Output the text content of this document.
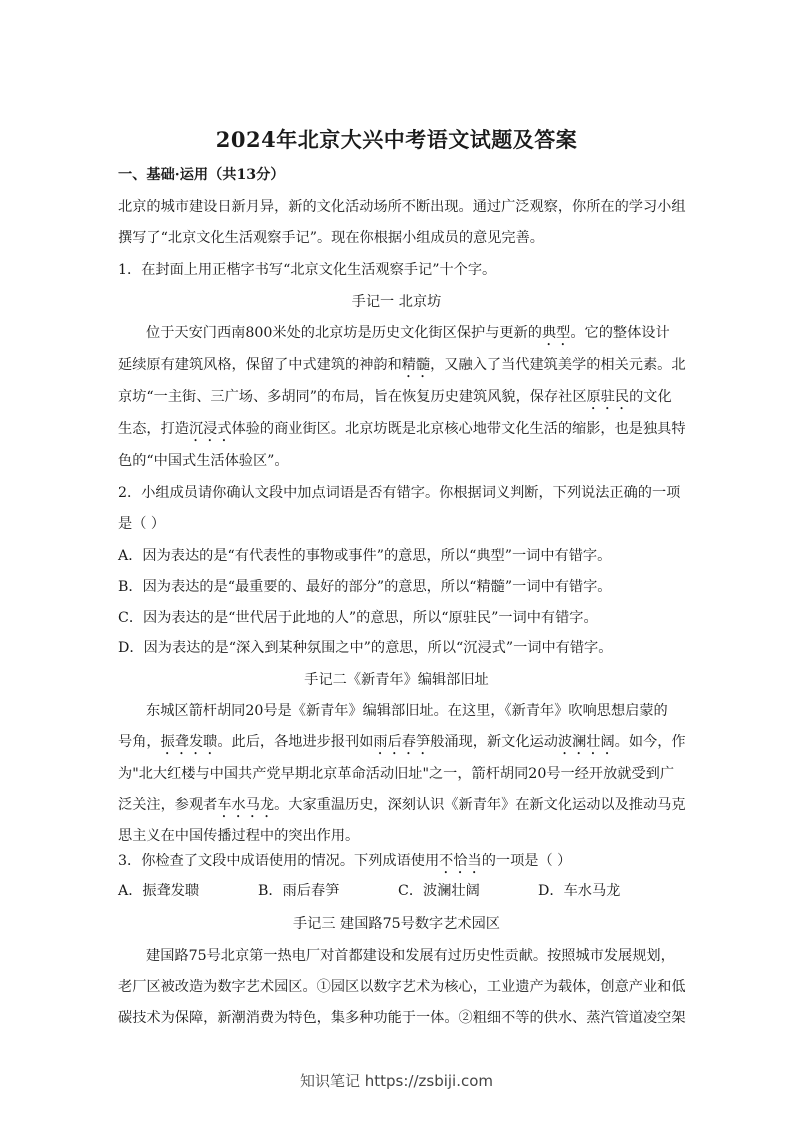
2024年北京大兴中考语文试题及答案
一、基础·运用（共13分）
北京的城市建设日新月异，新的文化活动场所不断出现。通过广泛观察，你所在的学习小组
撰写了“北京文化生活观察手记”。现在你根据小组成员的意见完善。
1．在封面上用正楷字书写“北京文化生活观察手记”十个字。
手记一 北京坊
位于天安门西南800米处的北京坊是历史文化街区保护与更新的典型。它的整体设计
延续原有建筑风格，保留了中式建筑的神韵和精髓，又融入了当代建筑美学的相关元素。北
京坊“一主街、三广场、多胡同”的布局，旨在恢复历史建筑风貌，保存社区原驻民的文化
生态，打造沉浸式体验的商业街区。北京坊既是北京核心地带文化生活的缩影，也是独具特
色的“中国式生活体验区”。
2．小组成员请你确认文段中加点词语是否有错字。你根据词义判断，下列说法正确的一项
是（ ）
A．因为表达的是“有代表性的事物或事件”的意思，所以“典型”一词中有错字。
B．因为表达的是“最重要的、最好的部分”的意思，所以“精髓”一词中有错字。
C．因为表达的是“世代居于此地的人”的意思，所以“原驻民”一词中有错字。
D．因为表达的是“深入到某种氛围之中”的意思，所以“沉浸式”一词中有错字。
手记二《新青年》编辑部旧址
东城区箭杆胡同20号是《新青年》编辑部旧址。在这里，《新青年》吹响思想启蒙的
号角，振聋发聩。此后，各地进步报刊如雨后春笋般涌现，新文化运动波澜壮阔。如今，作
为"北大红楼与中国共产党早期北京革命活动旧址"之一，箭杆胡同20号一经开放就受到广
泛关注，参观者车水马龙。大家重温历史，深刻认识《新青年》在新文化运动以及推动马克
思主义在中国传播过程中的突出作用。
3．你检查了文段中成语使用的情况。下列成语使用不恰当的一项是（ ）
A．振聋发聩	B．雨后春笋	C．波澜壮阔	D．车水马龙
手记三 建国路75号数字艺术园区
建国路75号北京第一热电厂对首都建设和发展有过历史性贡献。按照城市发展规划，
老厂区被改造为数字艺术园区。①园区以数字艺术为核心，工业遗产为载体，创意产业和低
碳技术为保障，新潮消费为特色，集多种功能于一体。②粗细不等的供水、蒸汽管道凌空架
知识笔记 https://zsbiji.com
